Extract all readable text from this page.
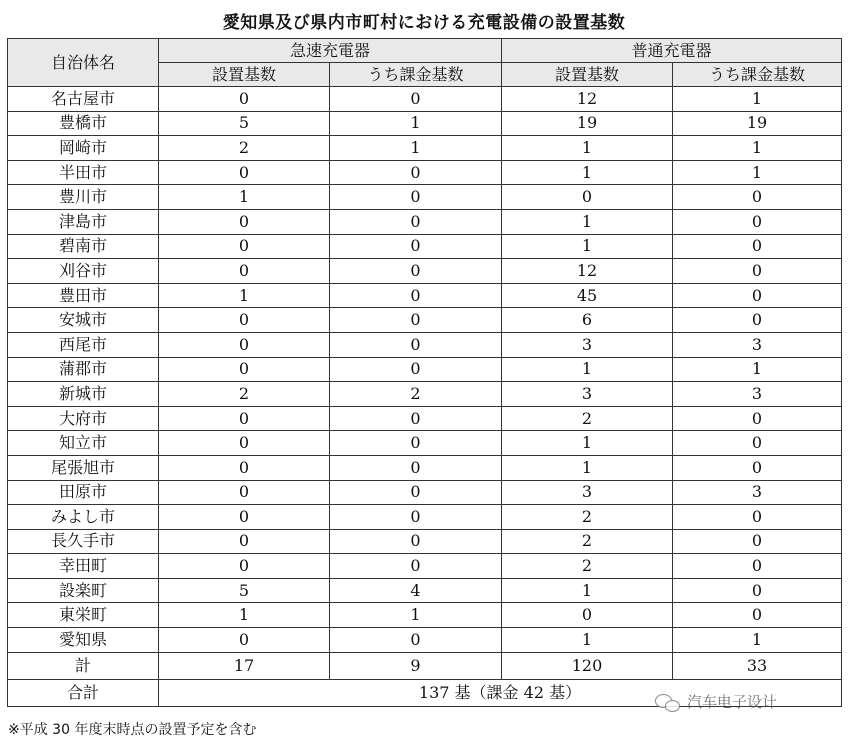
愛知県及び県内市町村における充電設備の設置基数
自治体名	急速充電器		普通充電器	
	設置基数	うち課金基数	設置基数	うち課金基数
名古屋市	0	0	12	1
豊橋市	5	1	19	19
岡崎市	2	1	1	1
半田市	0	0	1	1
豊川市	1	0	0	0
津島市	0	0	1	0
碧南市	0	0	1	0
刈谷市	0	0	12	0
豊田市	1	0	45	0
安城市	0	0	6	0
西尾市	0	0	3	3
蒲郡市	0	0	1	1
新城市	2	2	3	3
大府市	0	0	2	0
知立市	0	0	1	0
尾張旭市	0	0	1	0
田原市	0	0	3	3
みよし市	0	0	2	0
長久手市	0	0	2	0
幸田町	0	0	2	0
設楽町	5	4	1	0
東栄町	1	1	0	0
愛知県	0	0	1	1
計	17	9	120	33
合計	137 基（課金 42 基）			
汽车电子设计
※平成 30 年度末時点の設置予定を含む
